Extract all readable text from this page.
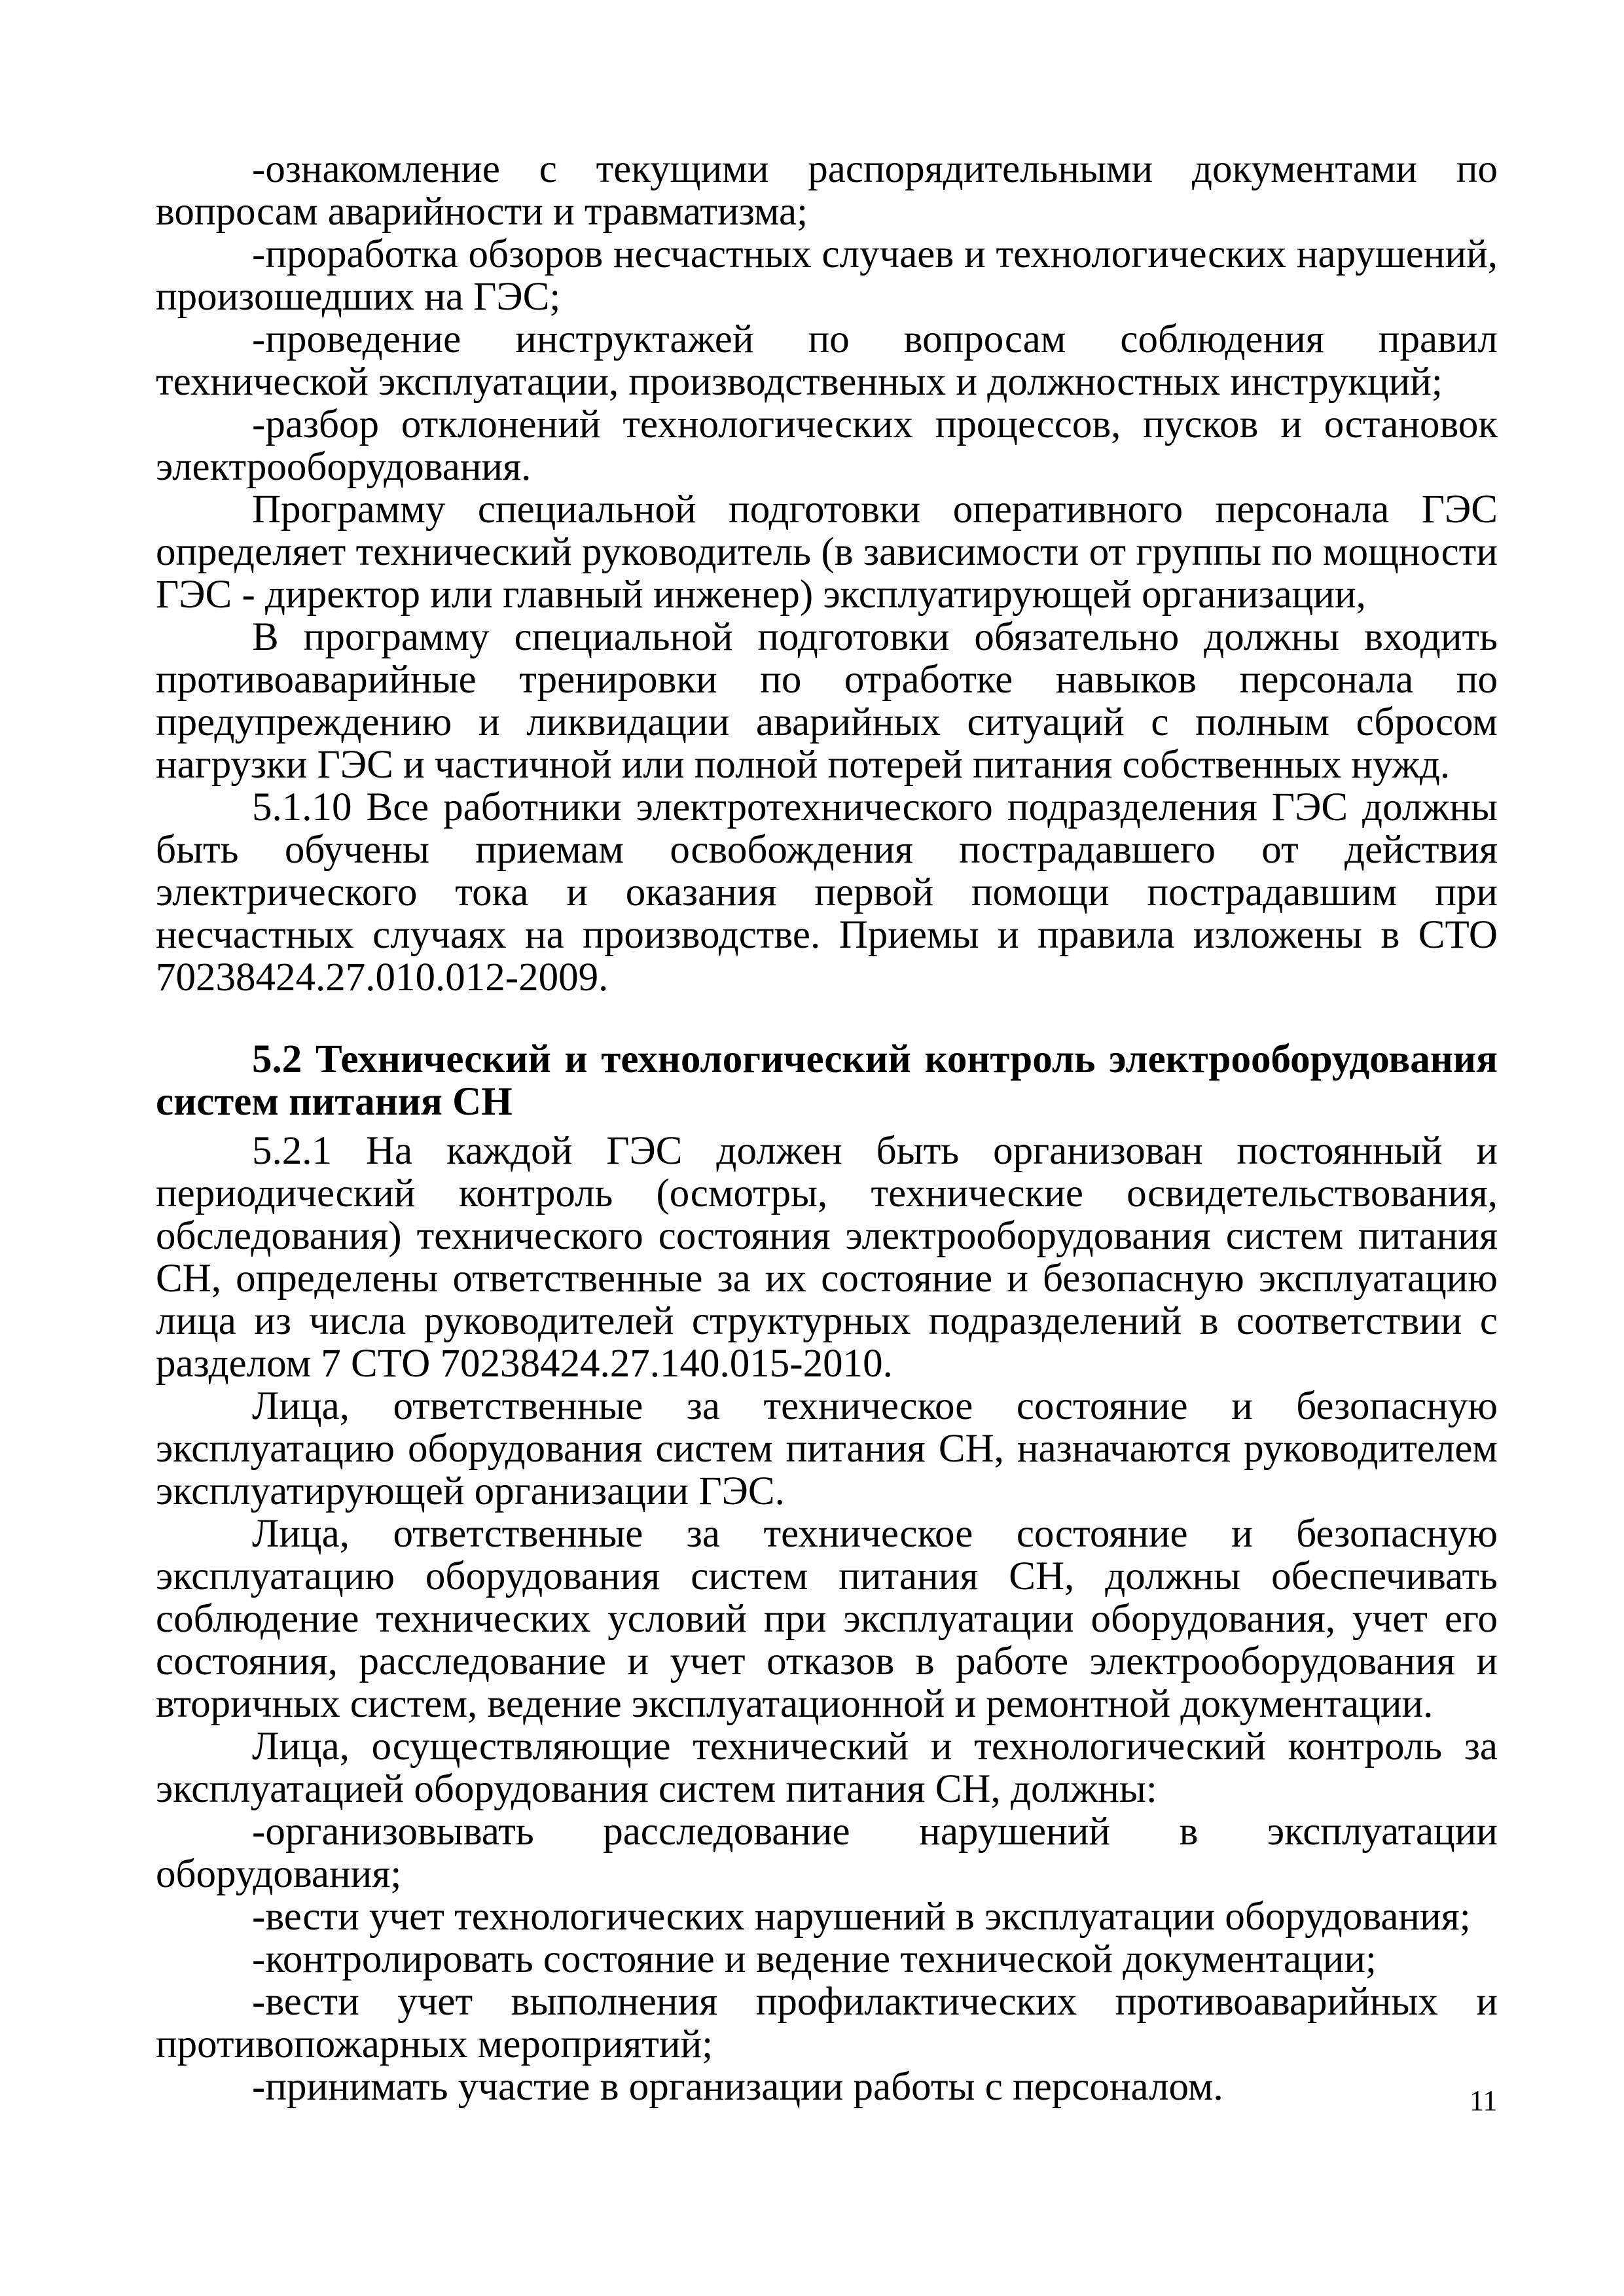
-ознакомление с текущими распорядительными документами по вопросам аварийности и травматизма;

-проработка обзоров несчастных случаев и технологических нарушений, произошедших на ГЭС;

-проведение инструктажей по вопросам соблюдения правил технической эксплуатации, производственных и должностных инструкций;

-разбор отклонений технологических процессов, пусков и остановок электрооборудования.

Программу специальной подготовки оперативного персонала ГЭС определяет технический руководитель (в зависимости от группы по мощности ГЭС - директор или главный инженер) эксплуатирующей организации,

В программу специальной подготовки обязательно должны входить противоаварийные тренировки по отработке навыков персонала по предупреждению и ликвидации аварийных ситуаций с полным сбросом нагрузки ГЭС и частичной или полной потерей питания собственных нужд.

5.1.10 Все работники электротехнического подразделения ГЭС должны быть обучены приемам освобождения пострадавшего от действия электрического тока и оказания первой помощи пострадавшим при несчастных случаях на производстве. Приемы и правила изложены в СТО 70238424.27.010.012-2009.

5.2 Технический и технологический контроль электрооборудования систем питания СН

5.2.1 На каждой ГЭС должен быть организован постоянный и периодический контроль (осмотры, технические освидетельствования, обследования) технического состояния электрооборудования систем питания СН, определены ответственные за их состояние и безопасную эксплуатацию лица из числа руководителей структурных подразделений в соответствии с разделом 7 СТО 70238424.27.140.015-2010.

Лица, ответственные за техническое состояние и безопасную эксплуатацию оборудования систем питания СН, назначаются руководителем эксплуатирующей организации ГЭС.

Лица, ответственные за техническое состояние и безопасную эксплуатацию оборудования систем питания СН, должны обеспечивать соблюдение технических условий при эксплуатации оборудования, учет его состояния, расследование и учет отказов в работе электрооборудования и вторичных систем, ведение эксплуатационной и ремонтной документации.

Лица, осуществляющие технический и технологический контроль за эксплуатацией оборудования систем питания СН, должны:

-организовывать расследование нарушений в эксплуатации оборудования;

-вести учет технологических нарушений в эксплуатации оборудования;

-контролировать состояние и ведение технической документации;

-вести учет выполнения профилактических противоаварийных и противопожарных мероприятий;

-принимать участие в организации работы с персоналом.	11
